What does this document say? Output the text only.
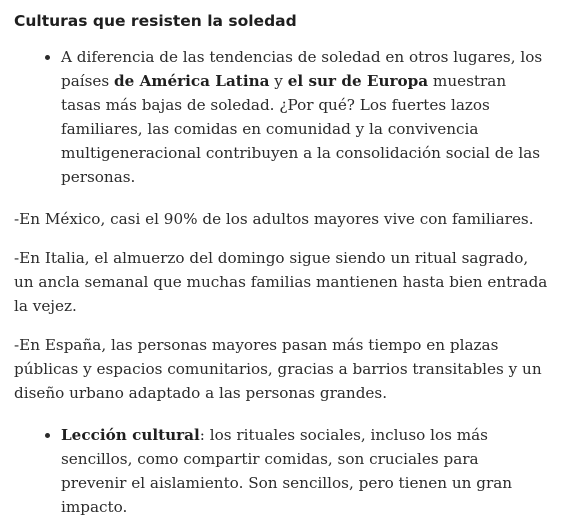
Culturas que resisten la soledad
• A diferencia de las tendencias de soledad en otros lugares, los países de América Latina y el sur de Europa muestran tasas más bajas de soledad. ¿Por qué? Los fuertes lazos familiares, las comidas en comunidad y la convivencia multigeneracional contribuyen a la consolidación social de las personas.

-En México, casi el 90% de los adultos mayores vive con familiares.

-En Italia, el almuerzo del domingo sigue siendo un ritual sagrado, un ancla semanal que muchas familias mantienen hasta bien entrada la vejez.

-En España, las personas mayores pasan más tiempo en plazas públicas y espacios comunitarios, gracias a barrios transitables y un diseño urbano adaptado a las personas grandes.

• Lección cultural: los rituales sociales, incluso los más sencillos, como compartir comidas, son cruciales para prevenir el aislamiento. Son sencillos, pero tienen un gran impacto.
